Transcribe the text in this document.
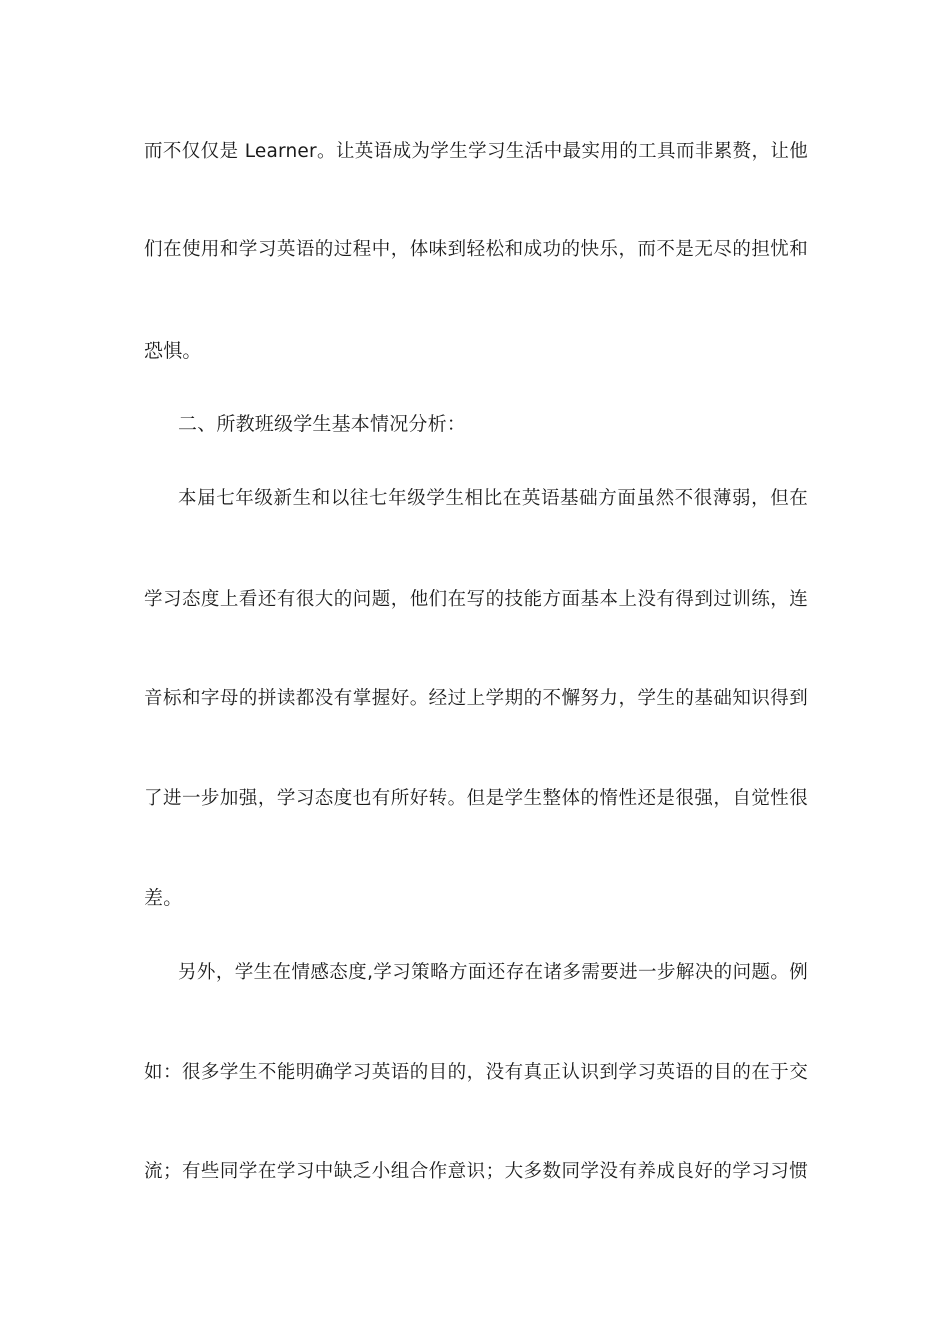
而不仅仅是 Learner。让英语成为学生学习生活中最实用的工具而非累赘，让他
们在使用和学习英语的过程中，体味到轻松和成功的快乐，而不是无尽的担忧和
恐惧。
二、所教班级学生基本情况分析：
本届七年级新生和以往七年级学生相比在英语基础方面虽然不很薄弱，但在
学习态度上看还有很大的问题，他们在写的技能方面基本上没有得到过训练，连
音标和字母的拼读都没有掌握好。经过上学期的不懈努力，学生的基础知识得到
了进一步加强，学习态度也有所好转。但是学生整体的惰性还是很强，自觉性很
差。
另外，学生在情感态度,学习策略方面还存在诸多需要进一步解决的问题。例
如：很多学生不能明确学习英语的目的，没有真正认识到学习英语的目的在于交
流；有些同学在学习中缺乏小组合作意识；大多数同学没有养成良好的学习习惯
